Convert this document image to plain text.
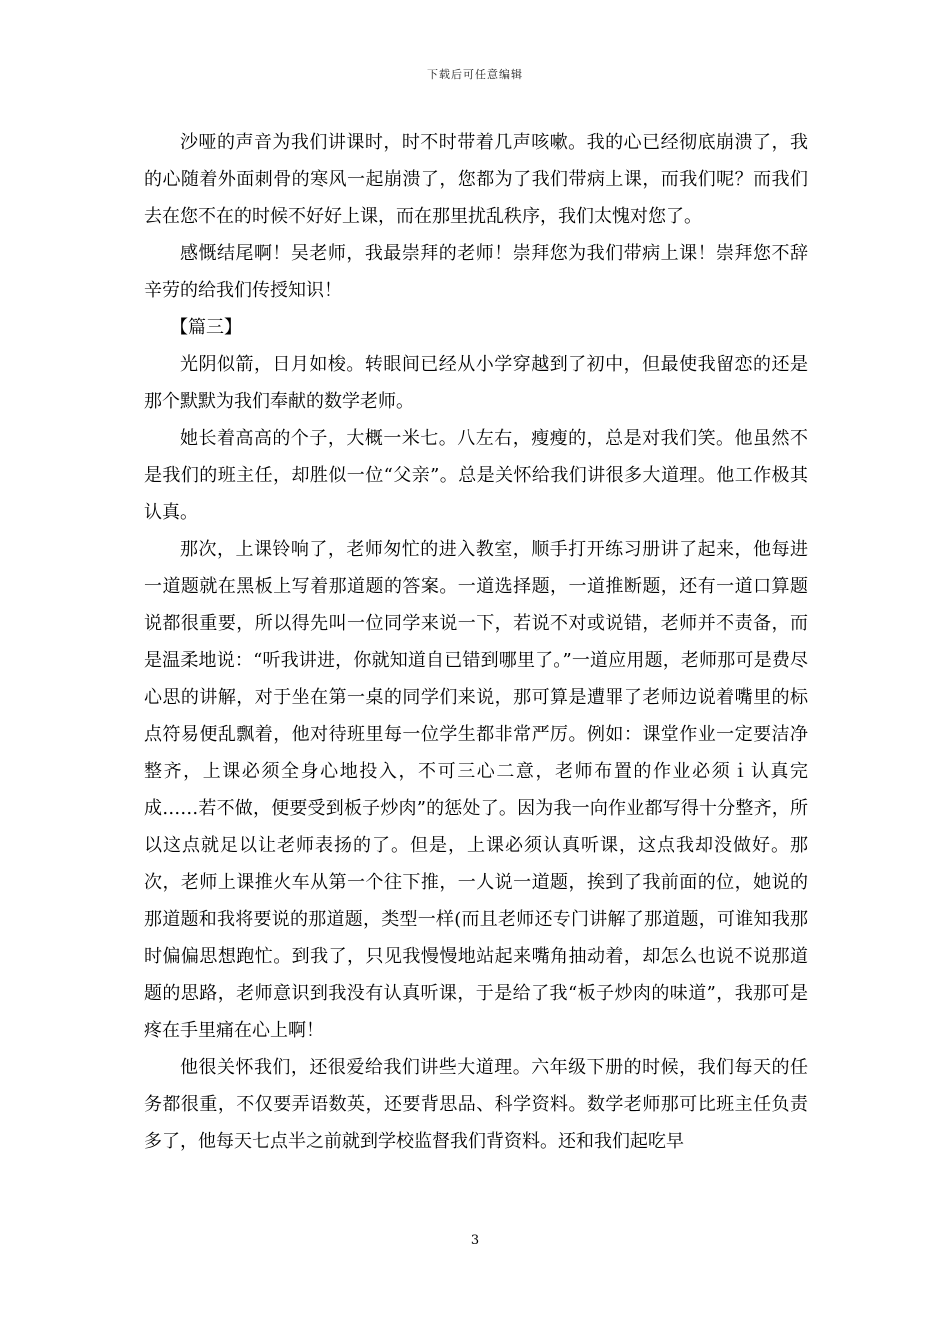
下载后可任意编辑

沙哑的声音为我们讲课时，时不时带着几声咳嗽。我的心已经彻底崩溃了，我的心随着外面刺骨的寒风一起崩溃了，您都为了我们带病上课，而我们呢？而我们去在您不在的时候不好好上课，而在那里扰乱秩序，我们太愧对您了。

感慨结尾啊！吴老师，我最崇拜的老师！崇拜您为我们带病上课！崇拜您不辞辛劳的给我们传授知识！

【篇三】

光阴似箭，日月如梭。转眼间已经从小学穿越到了初中，但最使我留恋的还是那个默默为我们奉献的数学老师。

她长着高高的个子，大概一米七。八左右，瘦瘦的，总是对我们笑。他虽然不是我们的班主任，却胜似一位“父亲”。总是关怀给我们讲很多大道理。他工作极其认真。

那次，上课铃响了，老师匆忙的进入教室，顺手打开练习册讲了起来，他每进一道题就在黑板上写着那道题的答案。一道选择题，一道推断题，还有一道口算题说都很重要，所以得先叫一位同学来说一下，若说不对或说错，老师并不责备，而是温柔地说：“听我讲进，你就知道自已错到哪里了。”一道应用题，老师那可是费尽心思的讲解，对于坐在第一桌的同学们来说，那可算是遭罪了老师边说着嘴里的标点符易便乱飘着，他对待班里每一位学生都非常严厉。例如：课堂作业一定要洁净整齐，上课必须全身心地投入，不可三心二意，老师布置的作业必须ｉ认真完成……若不做，便要受到板子炒肉”的惩处了。因为我一向作业都写得十分整齐，所以这点就足以让老师表扬的了。但是，上课必须认真听课，这点我却没做好。那次，老师上课推火车从第一个往下推，一人说一道题，挨到了我前面的位，她说的那道题和我将要说的那道题，类型一样(而且老师还专门讲解了那道题，可谁知我那时偏偏思想跑忙。到我了，只见我慢慢地站起来嘴角抽动着，却怎么也说不说那道题的思路，老师意识到我没有认真听课，于是给了我“板子炒肉的味道”，我那可是疼在手里痛在心上啊！

他很关怀我们，还很爱给我们讲些大道理。六年级下册的时候，我们每天的任务都很重，不仅要弄语数英，还要背思品、科学资料。数学老师那可比班主任负责多了，他每天七点半之前就到学校监督我们背资料。还和我们起吃早

3
